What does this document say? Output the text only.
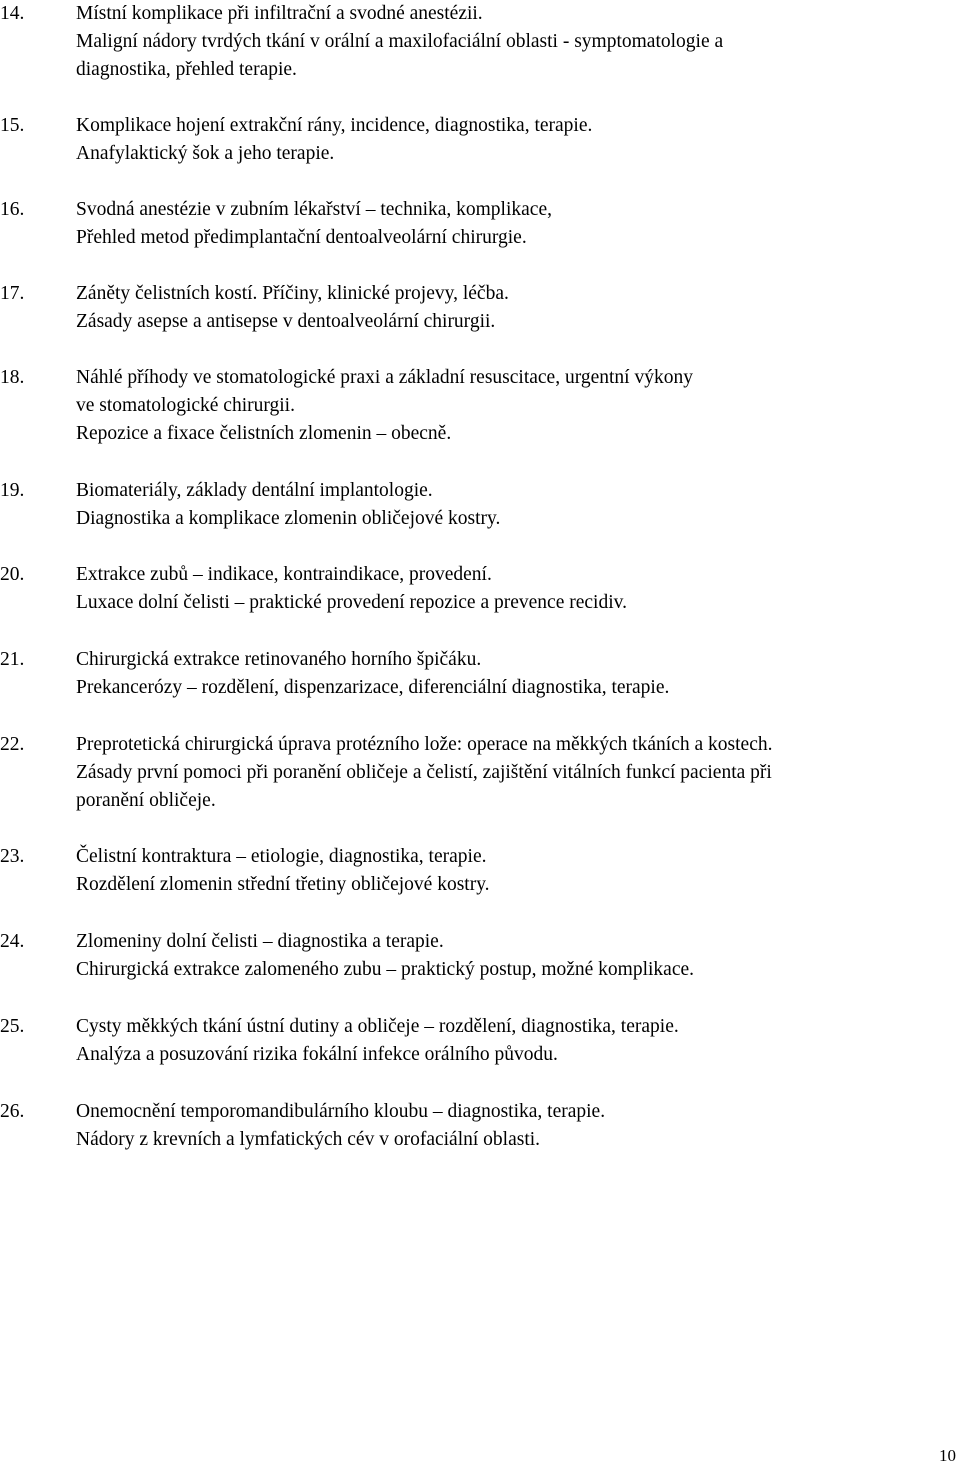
14.	Místní komplikace při infiltrační a svodné anestézii.
Maligní nádory tvrdých tkání v orální a maxilofaciální oblasti - symptomatologie a
diagnostika, přehled terapie.
15.	Komplikace hojení extrakční rány, incidence, diagnostika, terapie.
Anafylaktický šok a jeho terapie.
16.	Svodná anestézie v zubním lékařství – technika, komplikace,
Přehled metod předimplantační dentoalveolární chirurgie.
17.	Záněty čelistních kostí. Příčiny, klinické projevy, léčba.
Zásady asepse a antisepse v dentoalveolární chirurgii.
18.	Náhlé příhody ve stomatologické praxi a základní resuscitace, urgentní výkony
ve stomatologické chirurgii.
Repozice a fixace čelistních zlomenin – obecně.
19.	Biomateriály, základy dentální implantologie.
Diagnostika a komplikace zlomenin obličejové kostry.
20.	Extrakce zubů – indikace, kontraindikace, provedení.
Luxace dolní čelisti – praktické provedení repozice a prevence recidiv.
21.	Chirurgická extrakce retinovaného horního špičáku.
Prekancerózy – rozdělení, dispenzarizace, diferenciální diagnostika, terapie.
22.	Preprotetická chirurgická úprava protézního lože: operace na měkkých tkáních a kostech.
Zásady první pomoci při poranění obličeje a čelistí, zajištění vitálních funkcí pacienta při
poranění obličeje.
23.	Čelistní kontraktura – etiologie, diagnostika, terapie.
Rozdělení zlomenin střední třetiny obličejové kostry.
24.	Zlomeniny dolní čelisti – diagnostika a terapie.
Chirurgická extrakce zalomeného zubu – praktický postup, možné komplikace.
25.	Cysty měkkých tkání ústní dutiny a obličeje – rozdělení, diagnostika, terapie.
Analýza a posuzování rizika fokální infekce orálního původu.
26.	Onemocnění temporomandibulárního kloubu – diagnostika, terapie.
Nádory z krevních a lymfatických cév v orofaciální oblasti.
10
